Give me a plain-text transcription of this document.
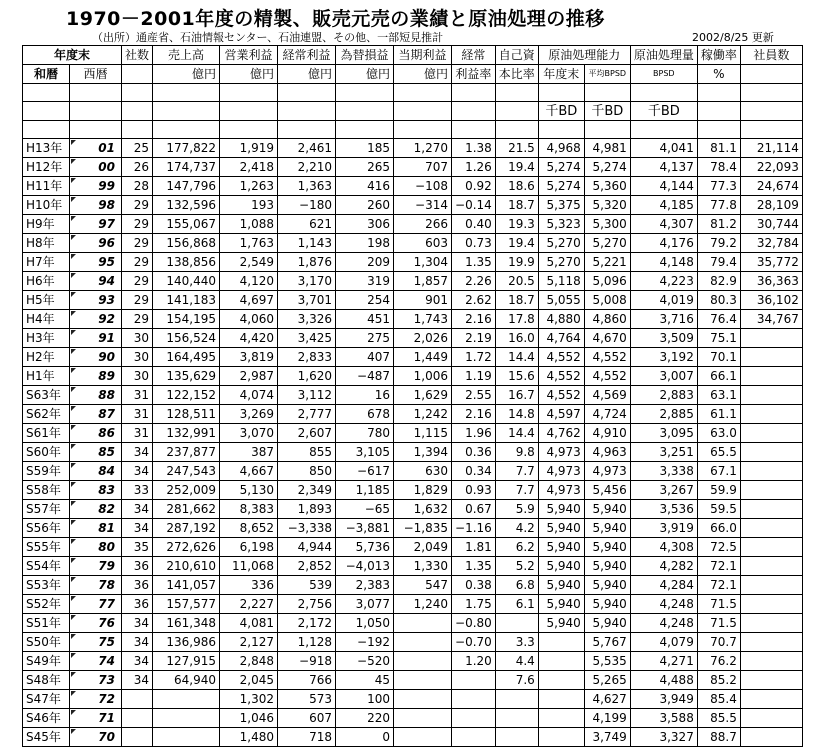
1970－2001年度の精製、販売元売の業績と原油処理の推移
（出所）通産省、石油情報センター、石油連盟、その他、一部短見推計	2002/8/25 更新
年度末		社数	売上高	営業利益	経常利益	為替損益	当期利益	経常	自己資	原油処理能力		原油処理量	稼働率	社員数
和暦	西暦		億円	億円	億円	億円	億円	利益率	本比率	年度末	平均BPSD	BPSD	%	

										千BD	千BD	千BD		

H13年	01	25	177,822	1,919	2,461	185	1,270	1.38	21.5	4,968	4,981	4,041	81.1	21,114
H12年	00	26	174,737	2,418	2,210	265	707	1.26	19.4	5,274	5,274	4,137	78.4	22,093
H11年	99	28	147,796	1,263	1,363	416	−108	0.92	18.6	5,274	5,360	4,144	77.3	24,674
H10年	98	29	132,596	193	−180	260	−314	−0.14	18.7	5,375	5,320	4,185	77.8	28,109
H9年	97	29	155,067	1,088	621	306	266	0.40	19.3	5,323	5,300	4,307	81.2	30,744
H8年	96	29	156,868	1,763	1,143	198	603	0.73	19.4	5,270	5,270	4,176	79.2	32,784
H7年	95	29	138,856	2,549	1,876	209	1,304	1.35	19.9	5,270	5,221	4,148	79.4	35,772
H6年	94	29	140,440	4,120	3,170	319	1,857	2.26	20.5	5,118	5,096	4,223	82.9	36,363
H5年	93	29	141,183	4,697	3,701	254	901	2.62	18.7	5,055	5,008	4,019	80.3	36,102
H4年	92	29	154,195	4,060	3,326	451	1,743	2.16	17.8	4,880	4,860	3,716	76.4	34,767
H3年	91	30	156,524	4,420	3,425	275	2,026	2.19	16.0	4,764	4,670	3,509	75.1	
H2年	90	30	164,495	3,819	2,833	407	1,449	1.72	14.4	4,552	4,552	3,192	70.1	
H1年	89	30	135,629	2,987	1,620	−487	1,006	1.19	15.6	4,552	4,552	3,007	66.1	
S63年	88	31	122,152	4,074	3,112	16	1,629	2.55	16.7	4,552	4,569	2,883	63.1	
S62年	87	31	128,511	3,269	2,777	678	1,242	2.16	14.8	4,597	4,724	2,885	61.1	
S61年	86	31	132,991	3,070	2,607	780	1,115	1.96	14.4	4,762	4,910	3,095	63.0	
S60年	85	34	237,877	387	855	3,105	1,394	0.36	9.8	4,973	4,963	3,251	65.5	
S59年	84	34	247,543	4,667	850	−617	630	0.34	7.7	4,973	4,973	3,338	67.1	
S58年	83	33	252,009	5,130	2,349	1,185	1,829	0.93	7.7	4,973	5,456	3,267	59.9	
S57年	82	34	281,662	8,383	1,893	−65	1,632	0.67	5.9	5,940	5,940	3,536	59.5	
S56年	81	34	287,192	8,652	−3,338	−3,881	−1,835	−1.16	4.2	5,940	5,940	3,919	66.0	
S55年	80	35	272,626	6,198	4,944	5,736	2,049	1.81	6.2	5,940	5,940	4,308	72.5	
S54年	79	36	210,610	11,068	2,852	−4,013	1,330	1.35	5.2	5,940	5,940	4,282	72.1	
S53年	78	36	141,057	336	539	2,383	547	0.38	6.8	5,940	5,940	4,284	72.1	
S52年	77	36	157,577	2,227	2,756	3,077	1,240	1.75	6.1	5,940	5,940	4,248	71.5	
S51年	76	34	161,348	4,081	2,172	1,050		−0.80		5,940	5,940	4,248	71.5	
S50年	75	34	136,986	2,127	1,128	−192		−0.70	3.3		5,767	4,079	70.7	
S49年	74	34	127,915	2,848	−918	−520		1.20	4.4		5,535	4,271	76.2	
S48年	73	34	64,940	2,045	766	45			7.6		5,265	4,488	85.2	
S47年	72			1,302	573	100					4,627	3,949	85.4	
S46年	71			1,046	607	220					4,199	3,588	85.5	
S45年	70			1,480	718	0					3,749	3,327	88.7	
